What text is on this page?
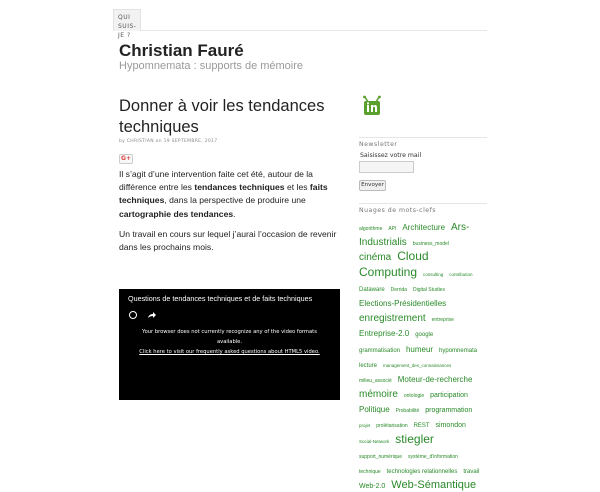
QUI SUIS-JE ?
Christian Fauré
Hypomnemata : supports de mémoire
Donner à voir les tendances techniques
by CHRISTIAN on 19 SEPTEMBRE, 2017
G+
Il s’agit d’une intervention faite cet été, autour de la différence entre les tendances techniques et les faits techniques, dans la perspective de produire une cartographie des tendances.
Un travail en cours sur lequel j’aurai l’occasion de revenir dans les prochains mois.
Questions de tendances techniques et de faits techniques
Your browser does not currently recognize any of the video formats available.
Click here to visit our frequently asked questions about HTML5 video.
Newsletter
Saisissez votre mail
Envoyer
Nuages de mots-clefs
algorithme API Architecture Ars-Industrialis business_model cinéma Cloud Computing consulting contribution Dataware Derrida Digital Studies Elections-Présidentielles enregistrement entreprise Entreprise-2.0 google grammatisation humeur hypomnemata lecture management_des_connaissances milieu_associé Moteur-de-recherche mémoire ontologie participation Politique Probabilité programmation projet prolétarisation REST simondon Social-Network stiegler support_numérique système_d'information technique technologies relationnelles travail Web-2.0 Web-Sémantique
